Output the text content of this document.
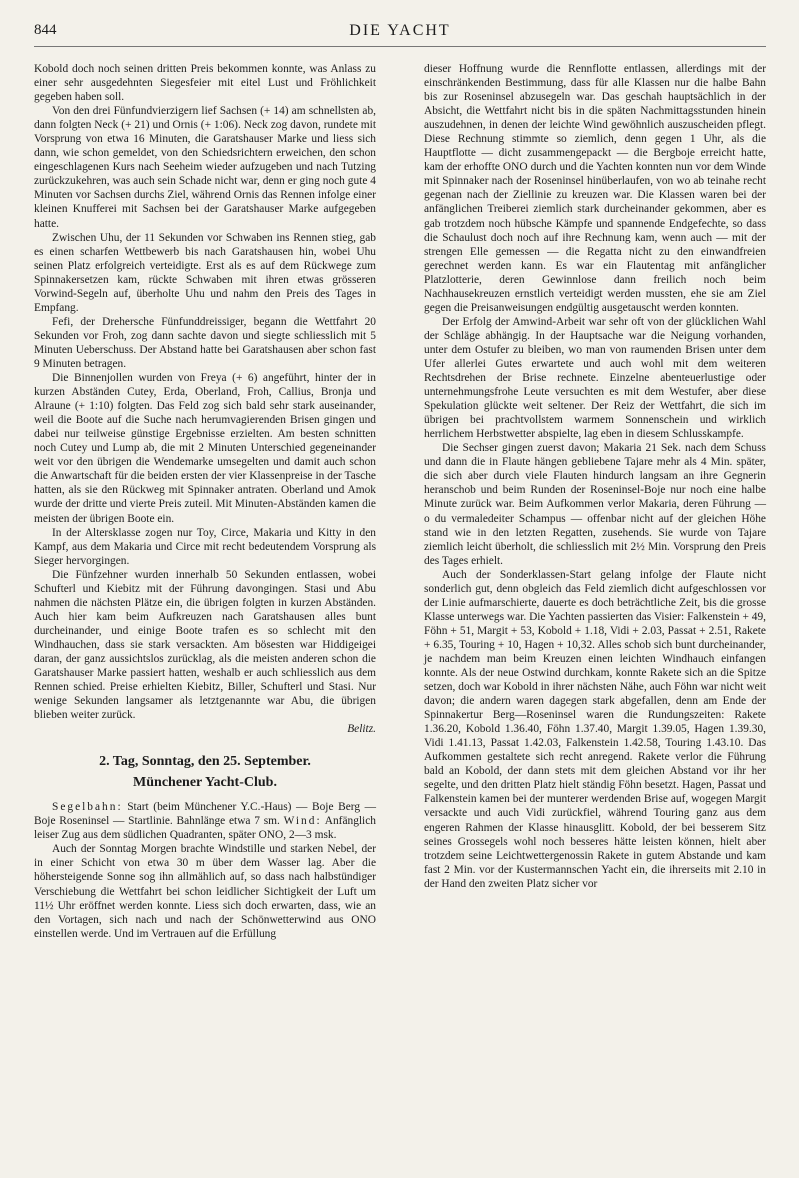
844	DIE YACHT

Kobold doch noch seinen dritten Preis bekommen konnte, was Anlass zu einer sehr ausgedehnten Siegesfeier mit eitel Lust und Fröhlichkeit gegeben haben soll.

Von den drei Fünfundvierzigern lief Sachsen (+ 14) am schnellsten ab, dann folgten Neck (+ 21) und Ornis (+ 1:06). Neck zog davon, rundete mit Vorsprung von etwa 16 Minuten, die Garatshauser Marke und liess sich dann, wie schon gemeldet, von den Schiedsrichtern erweichen, den schon eingeschlagenen Kurs nach Seeheim wieder aufzugeben und nach Tutzing zurückzukehren, was auch sein Schade nicht war, denn er ging noch gute 4 Minuten vor Sachsen durchs Ziel, während Ornis das Rennen infolge einer kleinen Knufferei mit Sachsen bei der Garatshauser Marke aufgegeben hatte.

Zwischen Uhu, der 11 Sekunden vor Schwaben ins Rennen stieg, gab es einen scharfen Wettbewerb bis nach Garatshausen hin, wobei Uhu seinen Platz erfolgreich verteidigte. Erst als es auf dem Rückwege zum Spinnakersetzen kam, rückte Schwaben mit ihren etwas grösseren Vorwind-Segeln auf, überholte Uhu und nahm den Preis des Tages in Empfang.

Fefi, der Drehersche Fünfunddreissiger, begann die Wettfahrt 20 Sekunden vor Froh, zog dann sachte davon und siegte schliesslich mit 5 Minuten Ueberschuss. Der Abstand hatte bei Garatshausen aber schon fast 9 Minuten betragen.

Die Binnenjollen wurden von Freya (+ 6) angeführt, hinter der in kurzen Abständen Cutey, Erda, Oberland, Froh, Callius, Bronja und Alraune (+ 1:10) folgten. Das Feld zog sich bald sehr stark auseinander, weil die Boote auf die Suche nach herumvagierenden Brisen gingen und dabei nur teilweise günstige Ergebnisse erzielten. Am besten schnitten noch Cutey und Lump ab, die mit 2 Minuten Unterschied gegeneinander weit vor den übrigen die Wendemarke umsegelten und damit auch schon die Anwartschaft für die beiden ersten der vier Klassenpreise in der Tasche hatten, als sie den Rückweg mit Spinnaker antraten. Oberland und Amok wurde der dritte und vierte Preis zuteil. Mit Minuten-Abständen kamen die meisten der übrigen Boote ein.

In der Altersklasse zogen nur Toy, Circe, Makaria und Kitty in den Kampf, aus dem Makaria und Circe mit recht bedeutendem Vorsprung als Sieger hervorgingen.

Die Fünfzehner wurden innerhalb 50 Sekunden entlassen, wobei Schufterl und Kiebitz mit der Führung davongingen. Stasi und Abu nahmen die nächsten Plätze ein, die übrigen folgten in kurzen Abständen. Auch hier kam beim Aufkreuzen nach Garatshausen alles bunt durcheinander, und einige Boote trafen es so schlecht mit den Windhauchen, dass sie stark versackten. Am bösesten war Hiddigeigei daran, der ganz aussichtslos zurücklag, als die meisten anderen schon die Garatshauser Marke passiert hatten, weshalb er auch schliesslich aus dem Rennen schied. Preise erhielten Kiebitz, Biller, Schufterl und Stasi. Nur wenige Sekunden langsamer als letztgenannte war Abu, die übrigen blieben weiter zurück.

Belitz.

2. Tag, Sonntag, den 25. September.
Münchener Yacht-Club.

Segelbahn: Start (beim Münchener Y.C.-Haus) — Boje Berg — Boje Roseninsel — Startlinie. Bahnlänge etwa 7 sm. Wind: Anfänglich leiser Zug aus dem südlichen Quadranten, später ONO, 2—3 msk.

Auch der Sonntag Morgen brachte Windstille und starken Nebel, der in einer Schicht von etwa 30 m über dem Wasser lag. Aber die höhersteigende Sonne sog ihn allmählich auf, so dass nach halbstündiger Verschiebung die Wettfahrt bei schon leidlicher Sichtigkeit der Luft um 11½ Uhr eröffnet werden konnte. Liess sich doch erwarten, dass, wie an den Vortagen, sich nach und nach der Schönwetterwind aus ONO einstellen werde. Und im Vertrauen auf die Erfüllung

dieser Hoffnung wurde die Rennflotte entlassen, allerdings mit der einschränkenden Bestimmung, dass für alle Klassen nur die halbe Bahn bis zur Roseninsel abzusegeln war. Das geschah hauptsächlich in der Absicht, die Wettfahrt nicht bis in die späten Nachmittagsstunden hinein auszudehnen, in denen der leichte Wind gewöhnlich auszuscheiden pflegt. Diese Rechnung stimmte so ziemlich, denn gegen 1 Uhr, als die Hauptflotte — dicht zusammengepackt — die Bergboje erreicht hatte, kam der erhoffte ONO durch und die Yachten konnten nun vor dem Winde mit Spinnaker nach der Roseninsel hinüberlaufen, von wo ab teinahe recht gegenan nach der Ziellinie zu kreuzen war. Die Klassen waren bei der anfänglichen Treiberei ziemlich stark durcheinander gekommen, aber es gab trotzdem noch hübsche Kämpfe und spannende Endgefechte, so dass die Schaulust doch noch auf ihre Rechnung kam, wenn auch — mit der strengen Elle gemessen — die Regatta nicht zu den einwandfreien gerechnet werden kann. Es war ein Flautentag mit anfänglicher Platzlotterie, deren Gewinnlose dann freilich noch beim Nachhausekreuzen ernstlich verteidigt werden mussten, ehe sie am Ziel gegen die Preisanweisungen endgültig ausgetauscht werden konnten.

Der Erfolg der Amwind-Arbeit war sehr oft von der glücklichen Wahl der Schläge abhängig. In der Hauptsache war die Neigung vorhanden, unter dem Ostufer zu bleiben, wo man von raumenden Brisen unter dem Ufer allerlei Gutes erwartete und auch wohl mit dem weiteren Rechtsdrehen der Brise rechnete. Einzelne abenteuerlustige oder unternehmungsfrohe Leute versuchten es mit dem Westufer, aber diese Spekulation glückte weit seltener. Der Reiz der Wettfahrt, die sich im übrigen bei prachtvollstem warmem Sonnenschein und wirklich herrlichem Herbstwetter abspielte, lag eben in diesem Schlusskampfe.

Die Sechser gingen zuerst davon; Makaria 21 Sek. nach dem Schuss und dann die in Flaute hängen gebliebene Tajare mehr als 4 Min. später, die sich aber durch viele Flauten hindurch langsam an ihre Gegnerin heranschob und beim Runden der Roseninsel-Boje nur noch eine halbe Minute zurück war. Beim Aufkommen verlor Makaria, deren Führung — o du vermaledeiter Schampus — offenbar nicht auf der gleichen Höhe stand wie in den letzten Regatten, zusehends. Sie wurde von Tajare ziemlich leicht überholt, die schliesslich mit 2½ Min. Vorsprung den Preis des Tages erhielt.

Auch der Sonderklassen-Start gelang infolge der Flaute nicht sonderlich gut, denn obgleich das Feld ziemlich dicht aufgeschlossen vor der Linie aufmarschierte, dauerte es doch beträchtliche Zeit, bis die grosse Klasse unterwegs war. Die Yachten passierten das Visier: Falkenstein + 49, Föhn + 51, Margit + 53, Kobold + 1.18, Vidi + 2.03, Passat + 2.51, Rakete + 6.35, Touring + 10, Hagen + 10,32. Alles schob sich bunt durcheinander, je nachdem man beim Kreuzen einen leichten Windhauch einfangen konnte. Als der neue Ostwind durchkam, konnte Rakete sich an die Spitze setzen, doch war Kobold in ihrer nächsten Nähe, auch Föhn war nicht weit davon; die andern waren dagegen stark abgefallen, denn am Ende der Spinnakertur Berg—Roseninsel waren die Rundungszeiten: Rakete 1.36.20, Kobold 1.36.40, Föhn 1.37.40, Margit 1.39.05, Hagen 1.39.30, Vidi 1.41.13, Passat 1.42.03, Falkenstein 1.42.58, Touring 1.43.10. Das Aufkommen gestaltete sich recht anregend. Rakete verlor die Führung bald an Kobold, der dann stets mit dem gleichen Abstand vor ihr her segelte, und den dritten Platz hielt ständig Föhn besetzt. Hagen, Passat und Falkenstein kamen bei der munterer werdenden Brise auf, wogegen Margit versackte und auch Vidi zurückfiel, während Touring ganz aus dem engeren Rahmen der Klasse hinausglitt. Kobold, der bei besserem Sitz seines Grossegels wohl noch besseres hätte leisten können, hielt aber trotzdem seine Leichtwettergenossin Rakete in gutem Abstande und kam fast 2 Min. vor der Kustermannschen Yacht ein, die ihrerseits mit 2.10 in der Hand den zweiten Platz sicher vor
